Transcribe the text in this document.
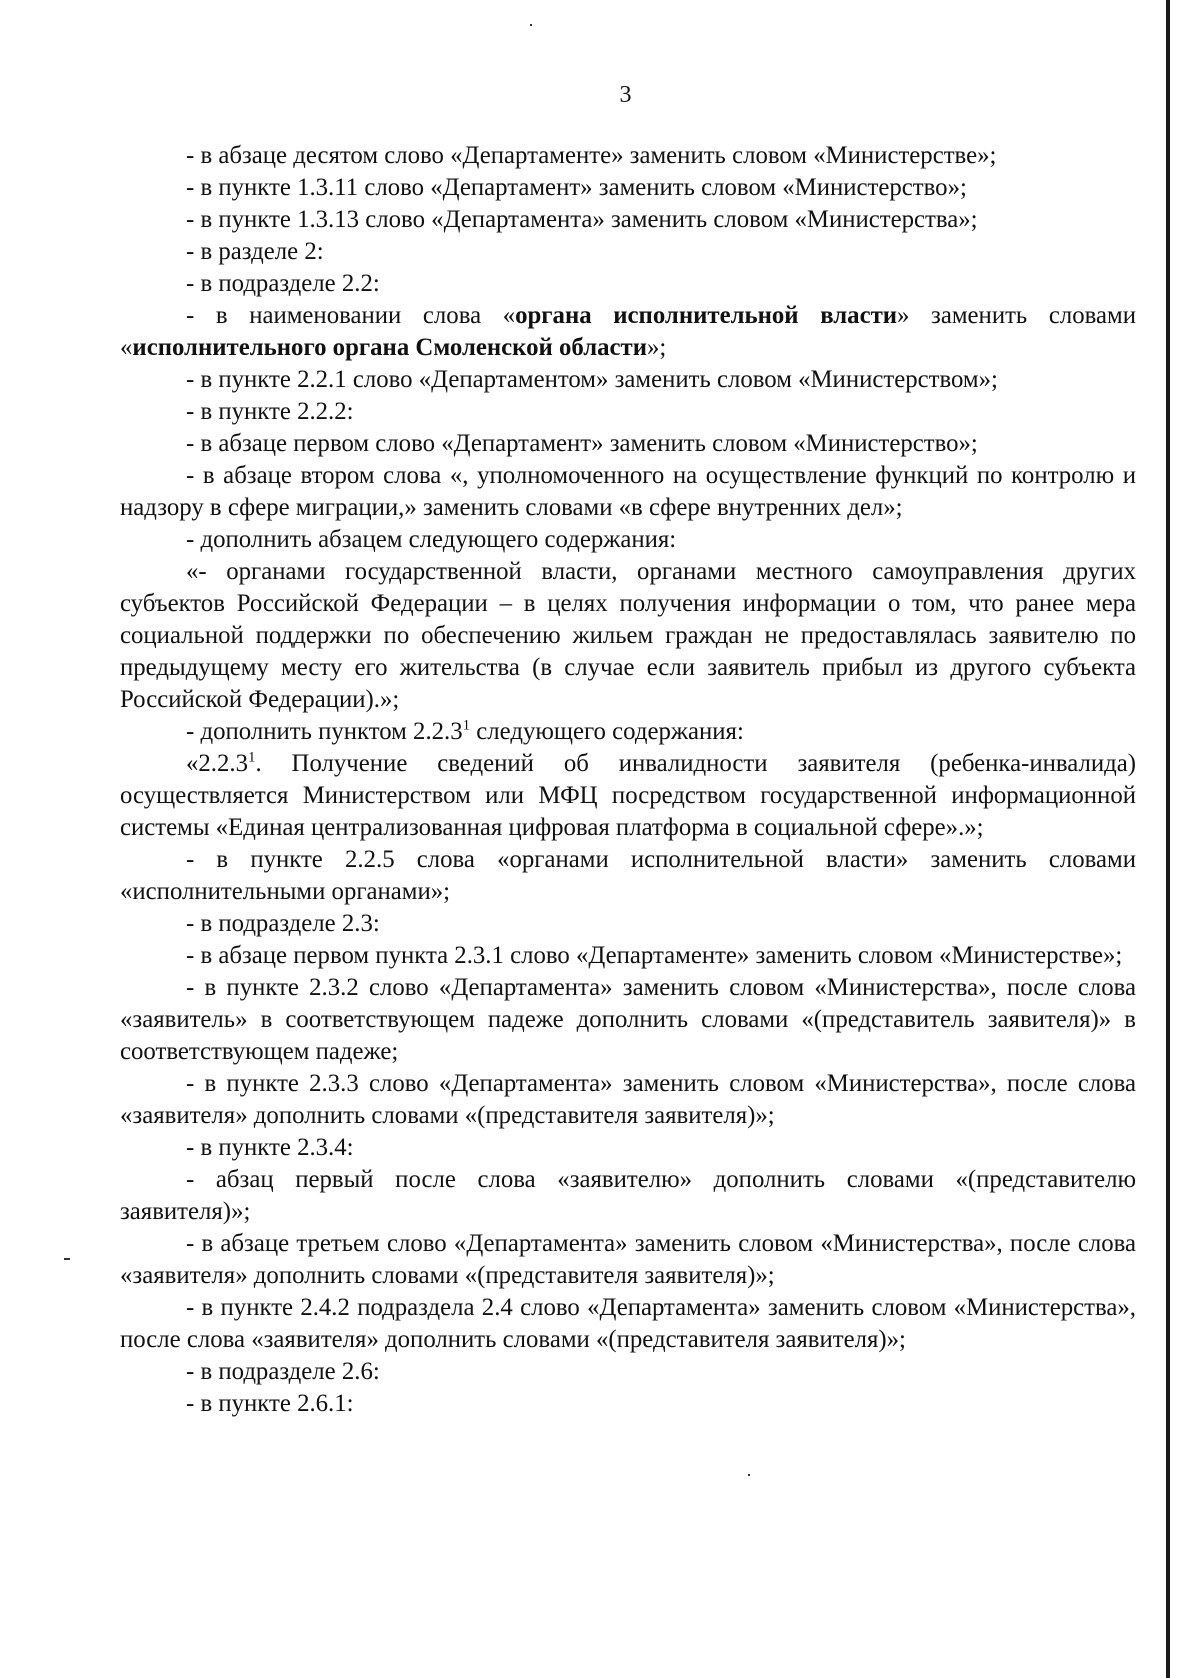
3

- в абзаце десятом слово «Департаменте» заменить словом «Министерстве»;

- в пункте 1.3.11 слово «Департамент» заменить словом «Министерство»;

- в пункте 1.3.13 слово «Департамента» заменить словом «Министерства»;

- в разделе 2:

- в подразделе 2.2:

- в наименовании слова «органа исполнительной власти» заменить словами «исполнительного органа Смоленской области»;

- в пункте 2.2.1 слово «Департаментом» заменить словом «Министерством»;

- в пункте 2.2.2:

- в абзаце первом слово «Департамент» заменить словом «Министерство»;

- в абзаце втором слова «, уполномоченного на осуществление функций по контролю и надзору в сфере миграции,» заменить словами «в сфере внутренних дел»;

- дополнить абзацем следующего содержания:

«- органами государственной власти, органами местного самоуправления других субъектов Российской Федерации – в целях получения информации о том, что ранее мера социальной поддержки по обеспечению жильем граждан не предоставлялась заявителю по предыдущему месту его жительства (в случае если заявитель прибыл из другого субъекта Российской Федерации).»;

- дополнить пунктом 2.2.3$^1$ следующего содержания:

«2.2.3$^1$. Получение сведений об инвалидности заявителя (ребенка-инвалида) осуществляется Министерством или МФЦ посредством государственной информационной системы «Единая централизованная цифровая платформа в социальной сфере».»;

- в пункте 2.2.5 слова «органами исполнительной власти» заменить словами «исполнительными органами»;

- в подразделе 2.3:

- в абзаце первом пункта 2.3.1 слово «Департаменте» заменить словом «Министерстве»;

- в пункте 2.3.2 слово «Департамента» заменить словом «Министерства», после слова «заявитель» в соответствующем падеже дополнить словами «(представитель заявителя)» в соответствующем падеже;

- в пункте 2.3.3 слово «Департамента» заменить словом «Министерства», после слова «заявителя» дополнить словами «(представителя заявителя)»;

- в пункте 2.3.4:

- абзац первый после слова «заявителю» дополнить словами «(представителю заявителя)»;

- в абзаце третьем слово «Департамента» заменить словом «Министерства», после слова «заявителя» дополнить словами «(представителя заявителя)»;

- в пункте 2.4.2 подраздела 2.4 слово «Департамента» заменить словом «Министерства», после слова «заявителя» дополнить словами «(представителя заявителя)»;

- в подразделе 2.6:

- в пункте 2.6.1:
